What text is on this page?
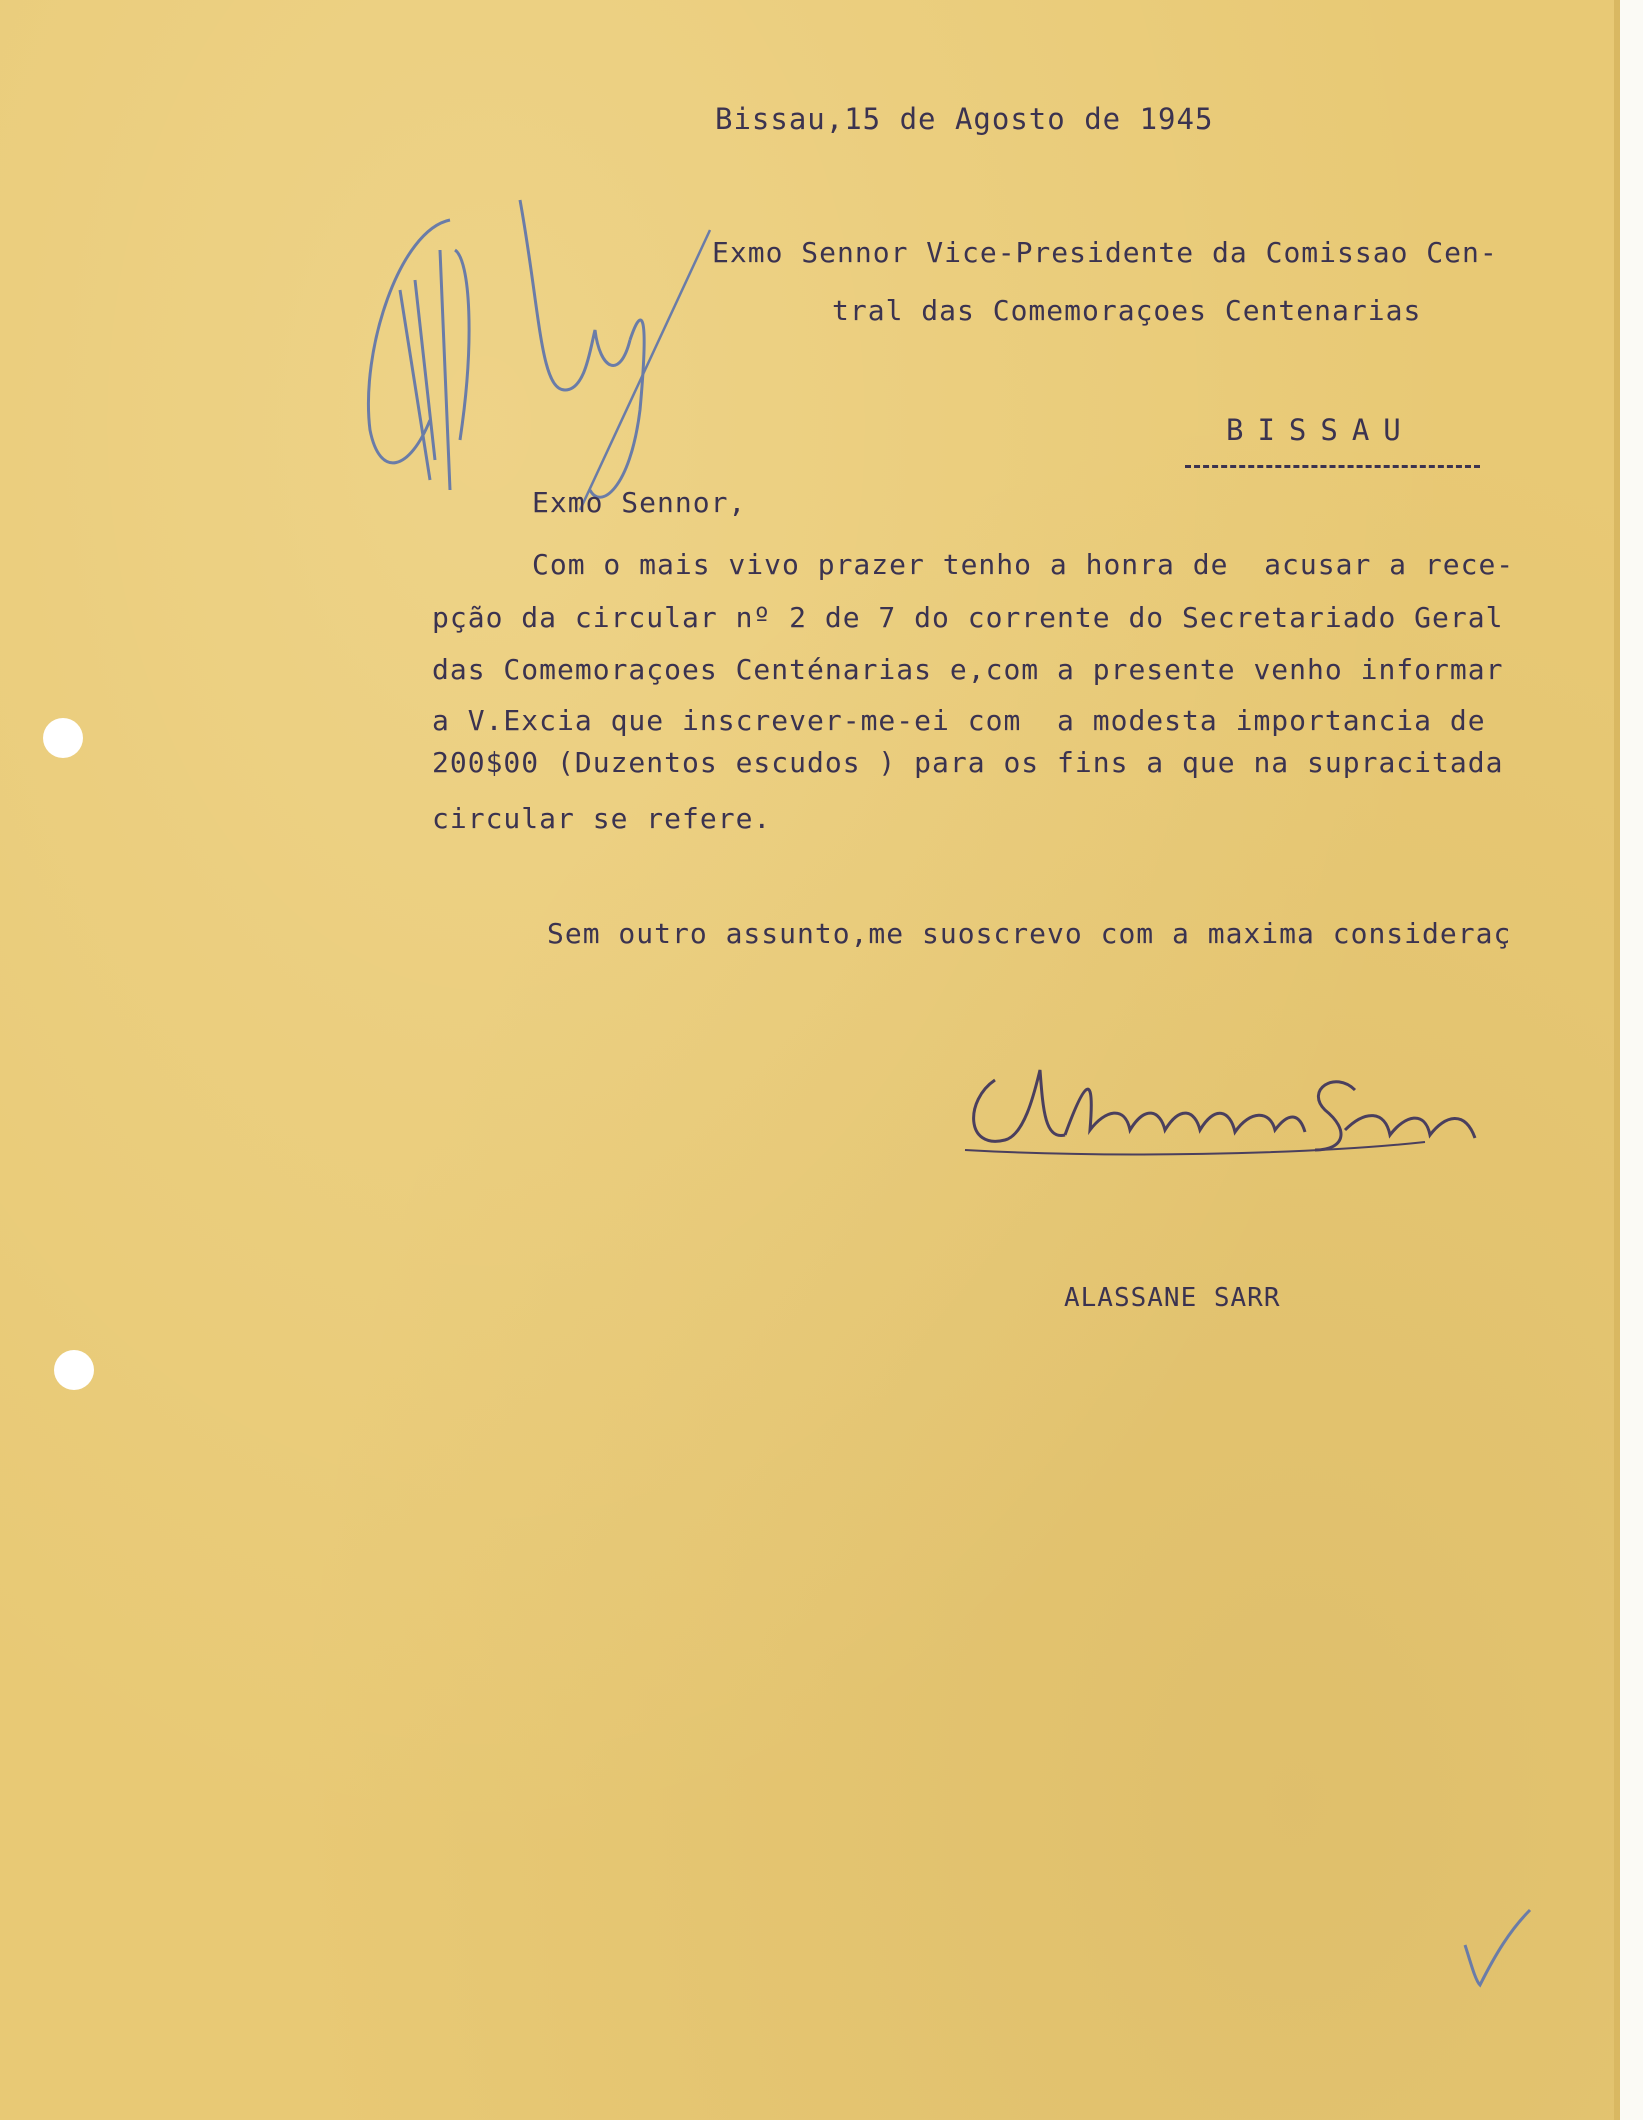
Bissau,15 de Agosto de 1945

Exmo Sennor Vice-Presidente da Comissao Cen-

tral das Comemoraçoes Centenarias

BISSAU

Exmo Sennor,

Com o mais vivo prazer tenho a honra de  acusar a rece-

pção da circular nº 2 de 7 do corrente do Secretariado Geral

das Comemoraçoes Centénarias e,com a presente venho informar

a V.Excia que inscrever-me-ei com  a modesta importancia de

200$00 (Duzentos escudos ) para os fins a que na supracitada

circular se refere.

Sem outro assunto,me suoscrevo com a maxima consideraç

ALASSANE SARR
